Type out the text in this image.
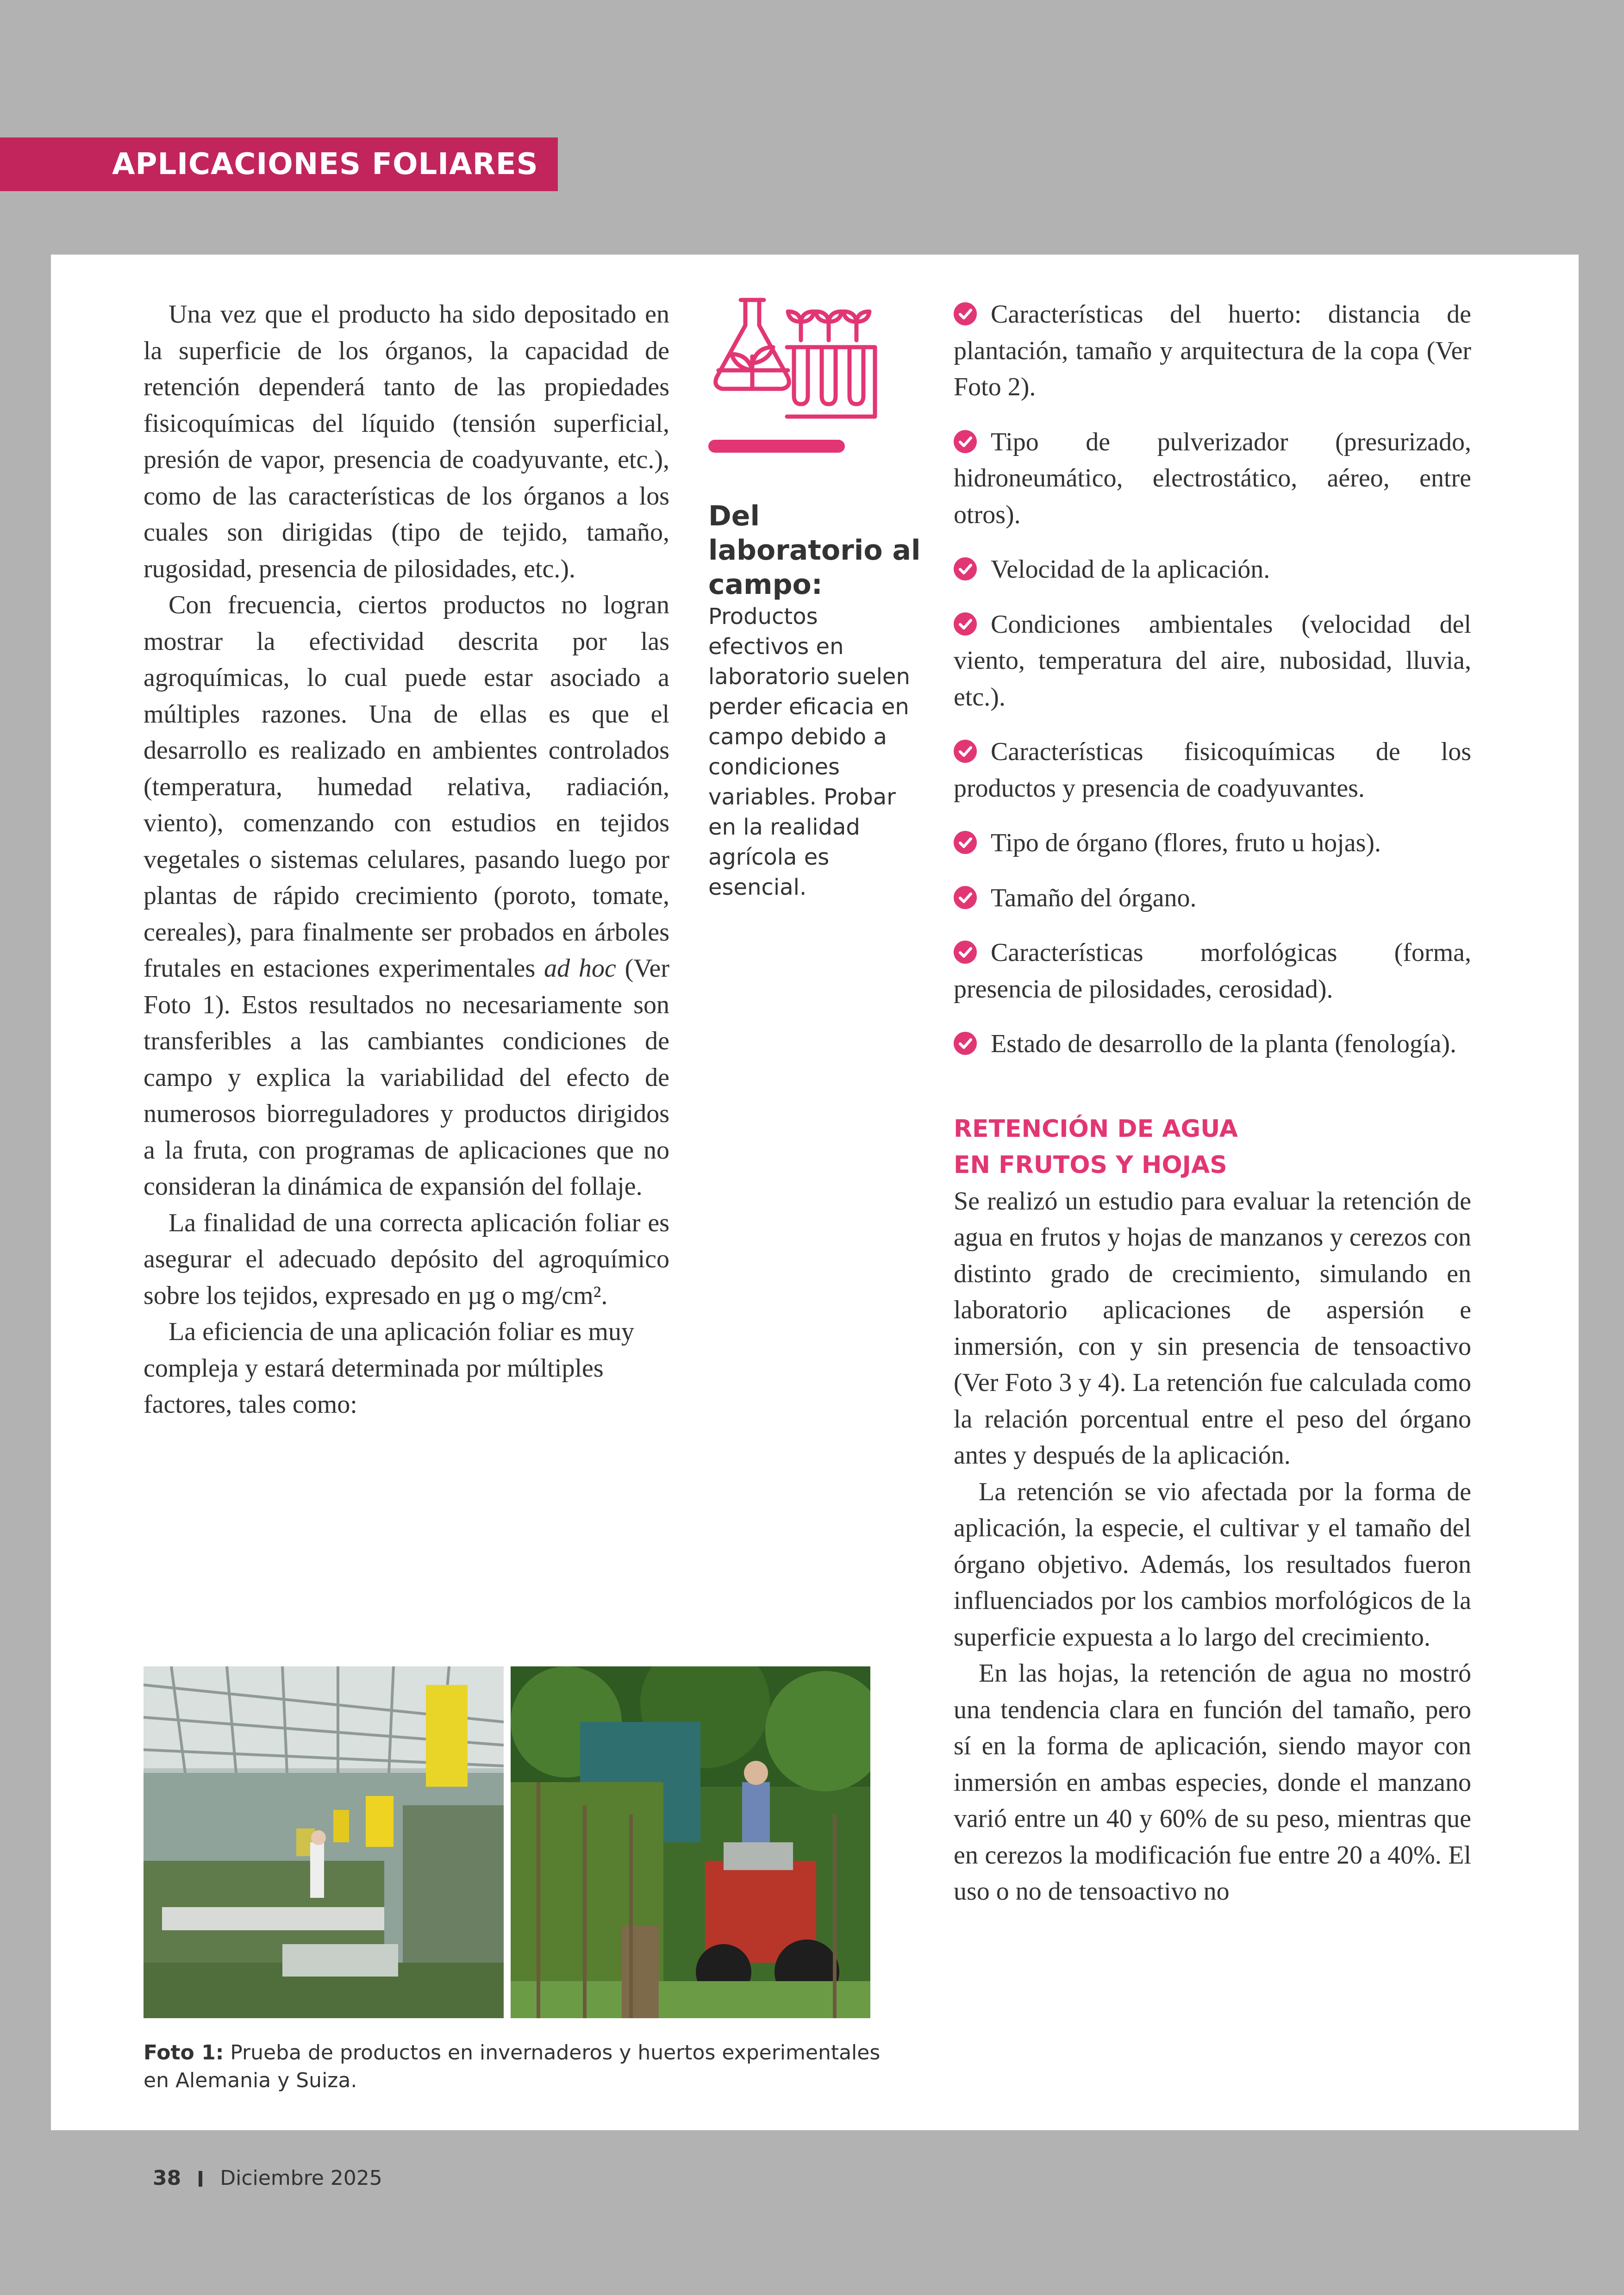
APLICACIONES FOLIARES

Una vez que el producto ha sido depositado en la superficie de los órganos, la capacidad de retención dependerá tanto de las propiedades fisicoquímicas del líquido (tensión superficial, presión de vapor, presencia de coadyuvante, etc.), como de las características de los órganos a los cuales son dirigidas (tipo de tejido, tamaño, rugosidad, presencia de pilosidades, etc.).

Con frecuencia, ciertos productos no logran mostrar la efectividad descrita por las agroquímicas, lo cual puede estar asociado a múltiples razones. Una de ellas es que el desarrollo es realizado en ambientes controlados (temperatura, humedad relativa, radiación, viento), comenzando con estudios en tejidos vegetales o sistemas celulares, pasando luego por plantas de rápido crecimiento (poroto, tomate, cereales), para finalmente ser probados en árboles frutales en estaciones experimentales ad hoc (Ver Foto 1). Estos resultados no necesariamente son transferibles a las cambiantes condiciones de campo y explica la variabilidad del efecto de numerosos biorreguladores y productos dirigidos a la fruta, con programas de aplicaciones que no consideran la dinámica de expansión del follaje.

La finalidad de una correcta aplicación foliar es asegurar el adecuado depósito del agroquímico sobre los tejidos, expresado en µg o mg/cm².

La eficiencia de una aplicación foliar es muy compleja y estará determinada por múltiples factores, tales como:

Del laboratorio al campo:
Productos efectivos en laboratorio suelen perder eficacia en campo debido a condiciones variables. Probar en la realidad agrícola es esencial.
Características del huerto: distancia de plantación, tamaño y arquitectura de la copa (Ver Foto 2).
Tipo de pulverizador (presurizado, hidroneumático, electrostático, aéreo, entre otros).
Velocidad de la aplicación.
Condiciones ambientales (velocidad del viento, temperatura del aire, nubosidad, lluvia, etc.).
Características fisicoquímicas de los productos y presencia de coadyuvantes.
Tipo de órgano (flores, fruto u hojas).
Tamaño del órgano.
Características morfológicas (forma, presencia de pilosidades, cerosidad).
Estado de desarrollo de la planta (fenología).
RETENCIÓN DE AGUA
EN FRUTOS Y HOJAS

Se realizó un estudio para evaluar la retención de agua en frutos y hojas de manzanos y cerezos con distinto grado de crecimiento, simulando en laboratorio aplicaciones de aspersión e inmersión, con y sin presencia de tensoactivo (Ver Foto 3 y 4). La retención fue calculada como la relación porcentual entre el peso del órgano antes y después de la aplicación.

La retención se vio afectada por la forma de aplicación, la especie, el cultivar y el tamaño del órgano objetivo. Además, los resultados fueron influenciados por los cambios morfológicos de la superficie expuesta a lo largo del crecimiento.

En las hojas, la retención de agua no mostró una tendencia clara en función del tamaño, pero sí en la forma de aplicación, siendo mayor con inmersión en ambas especies, donde el manzano varió entre un 40 y 60% de su peso, mientras que en cerezos la modificación fue entre 20 a 40%. El uso o no de tensoactivo no

Foto 1: Prueba de productos en invernaderos y huertos experimentales en Alemania y Suiza.
38 Diciembre 2025
